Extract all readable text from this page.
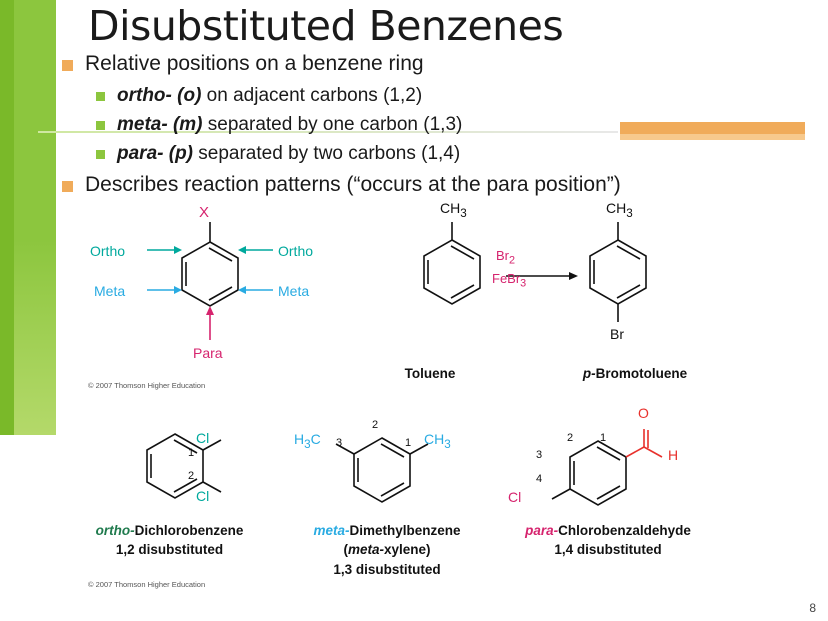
Disubstituted Benzenes
Relative positions on a benzene ring
ortho- (o) on adjacent carbons (1,2)
meta- (m) separated by one carbon (1,3)
para- (p) separated by two carbons (1,4)
Describes reaction patterns (“occurs at the para position”)
X
Ortho	Ortho
Meta	Meta
Para
© 2007 Thomson Higher Education
$CH_3$	$CH_3$
$Br_2$
FeBr$_3$
Br
Toluene	p-Bromotoluene
Cl
Cl
1
2
ortho-Dichlorobenzene
1,2 disubstituted
$H_3C$	$CH_3$
3
2
1
meta-Dimethylbenzene
(meta-xylene)
1,3 disubstituted
O
H
Cl
2 1
3
4
para-Chlorobenzaldehyde
1,4 disubstituted
© 2007 Thomson Higher Education
8
